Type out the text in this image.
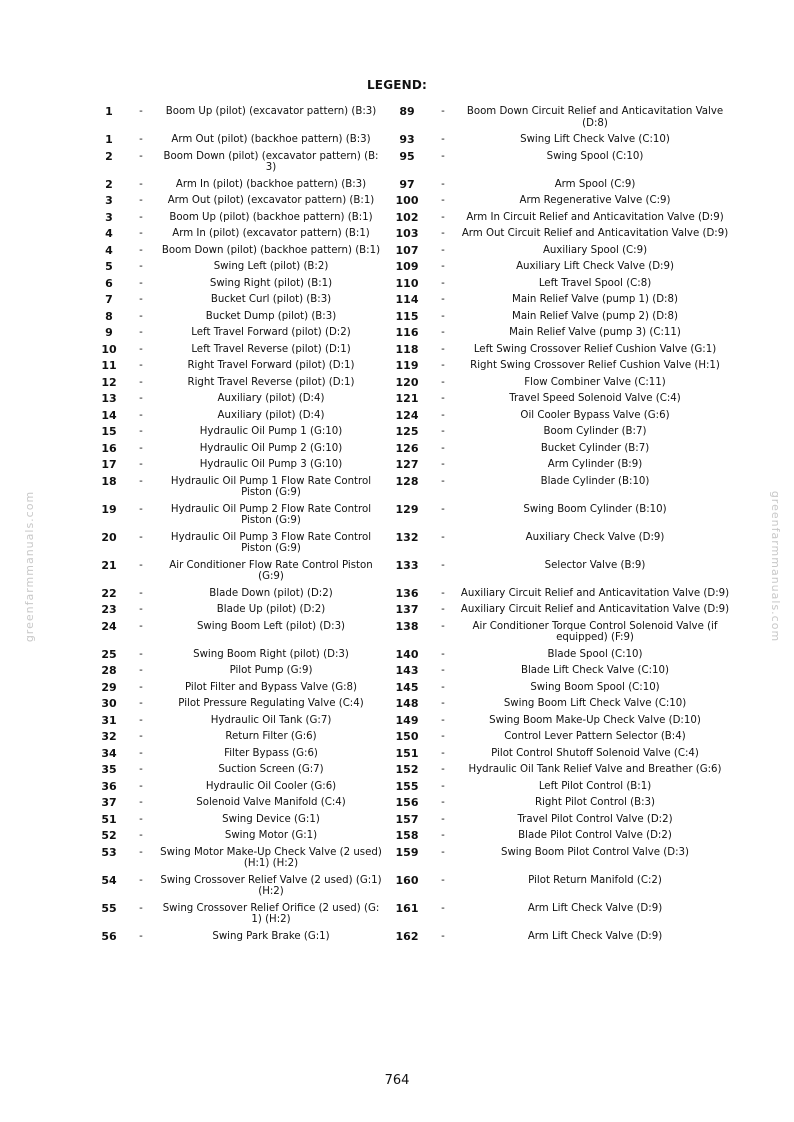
LEGEND:
1	-	Boom Up (pilot) (excavator pattern) (B:3)	89	-	Boom Down Circuit Relief and Anticavitation Valve (D:8)
1	-	Arm Out (pilot) (backhoe pattern) (B:3)	93	-	Swing Lift Check Valve (C:10)
2	-	Boom Down (pilot) (excavator pattern) (B: 3)	95	-	Swing Spool (C:10)
2	-	Arm In (pilot) (backhoe pattern) (B:3)	97	-	Arm Spool (C:9)
3	-	Arm Out (pilot) (excavator pattern) (B:1)	100	-	Arm Regenerative Valve (C:9)
3	-	Boom Up (pilot) (backhoe pattern) (B:1)	102	-	Arm In Circuit Relief and Anticavitation Valve (D:9)
4	-	Arm In (pilot) (excavator pattern) (B:1)	103	-	Arm Out Circuit Relief and Anticavitation Valve (D:9)
4	-	Boom Down (pilot) (backhoe pattern) (B:1)	107	-	Auxiliary Spool (C:9)
5	-	Swing Left (pilot) (B:2)	109	-	Auxiliary Lift Check Valve (D:9)
6	-	Swing Right (pilot) (B:1)	110	-	Left Travel Spool (C:8)
7	-	Bucket Curl (pilot) (B:3)	114	-	Main Relief Valve (pump 1) (D:8)
8	-	Bucket Dump (pilot) (B:3)	115	-	Main Relief Valve (pump 2) (D:8)
9	-	Left Travel Forward (pilot) (D:2)	116	-	Main Relief Valve (pump 3) (C:11)
10	-	Left Travel Reverse (pilot) (D:1)	118	-	Left Swing Crossover Relief Cushion Valve (G:1)
11	-	Right Travel Forward (pilot) (D:1)	119	-	Right Swing Crossover Relief Cushion Valve (H:1)
12	-	Right Travel Reverse (pilot) (D:1)	120	-	Flow Combiner Valve (C:11)
13	-	Auxiliary (pilot) (D:4)	121	-	Travel Speed Solenoid Valve (C:4)
14	-	Auxiliary (pilot) (D:4)	124	-	Oil Cooler Bypass Valve (G:6)
15	-	Hydraulic Oil Pump 1 (G:10)	125	-	Boom Cylinder (B:7)
16	-	Hydraulic Oil Pump 2 (G:10)	126	-	Bucket Cylinder (B:7)
17	-	Hydraulic Oil Pump 3 (G:10)	127	-	Arm Cylinder (B:9)
18	-	Hydraulic Oil Pump 1 Flow Rate Control Piston (G:9)	128	-	Blade Cylinder (B:10)
19	-	Hydraulic Oil Pump 2 Flow Rate Control Piston (G:9)	129	-	Swing Boom Cylinder (B:10)
20	-	Hydraulic Oil Pump 3 Flow Rate Control Piston (G:9)	132	-	Auxiliary Check Valve (D:9)
21	-	Air Conditioner Flow Rate Control Piston (G:9)	133	-	Selector Valve (B:9)
22	-	Blade Down (pilot) (D:2)	136	-	Auxiliary Circuit Relief and Anticavitation Valve (D:9)
23	-	Blade Up (pilot) (D:2)	137	-	Auxiliary Circuit Relief and Anticavitation Valve (D:9)
24	-	Swing Boom Left (pilot) (D:3)	138	-	Air Conditioner Torque Control Solenoid Valve (if equipped) (F:9)
25	-	Swing Boom Right (pilot) (D:3)	140	-	Blade Spool (C:10)
28	-	Pilot Pump (G:9)	143	-	Blade Lift Check Valve (C:10)
29	-	Pilot Filter and Bypass Valve (G:8)	145	-	Swing Boom Spool (C:10)
30	-	Pilot Pressure Regulating Valve (C:4)	148	-	Swing Boom Lift Check Valve (C:10)
31	-	Hydraulic Oil Tank (G:7)	149	-	Swing Boom Make-Up Check Valve (D:10)
32	-	Return Filter (G:6)	150	-	Control Lever Pattern Selector (B:4)
34	-	Filter Bypass (G:6)	151	-	Pilot Control Shutoff Solenoid Valve (C:4)
35	-	Suction Screen (G:7)	152	-	Hydraulic Oil Tank Relief Valve and Breather (G:6)
36	-	Hydraulic Oil Cooler (G:6)	155	-	Left Pilot Control (B:1)
37	-	Solenoid Valve Manifold (C:4)	156	-	Right Pilot Control (B:3)
51	-	Swing Device (G:1)	157	-	Travel Pilot Control Valve (D:2)
52	-	Swing Motor (G:1)	158	-	Blade Pilot Control Valve (D:2)
53	-	Swing Motor Make-Up Check Valve (2 used) (H:1) (H:2)	159	-	Swing Boom Pilot Control Valve (D:3)
54	-	Swing Crossover Relief Valve (2 used) (G:1) (H:2)	160	-	Pilot Return Manifold (C:2)
55	-	Swing Crossover Relief Orifice (2 used) (G: 1) (H:2)	161	-	Arm Lift Check Valve (D:9)
56	-	Swing Park Brake (G:1)	162	-	Arm Lift Check Valve (D:9)
greenfarmmanuals.com	greenfarmmanuals.com
764
